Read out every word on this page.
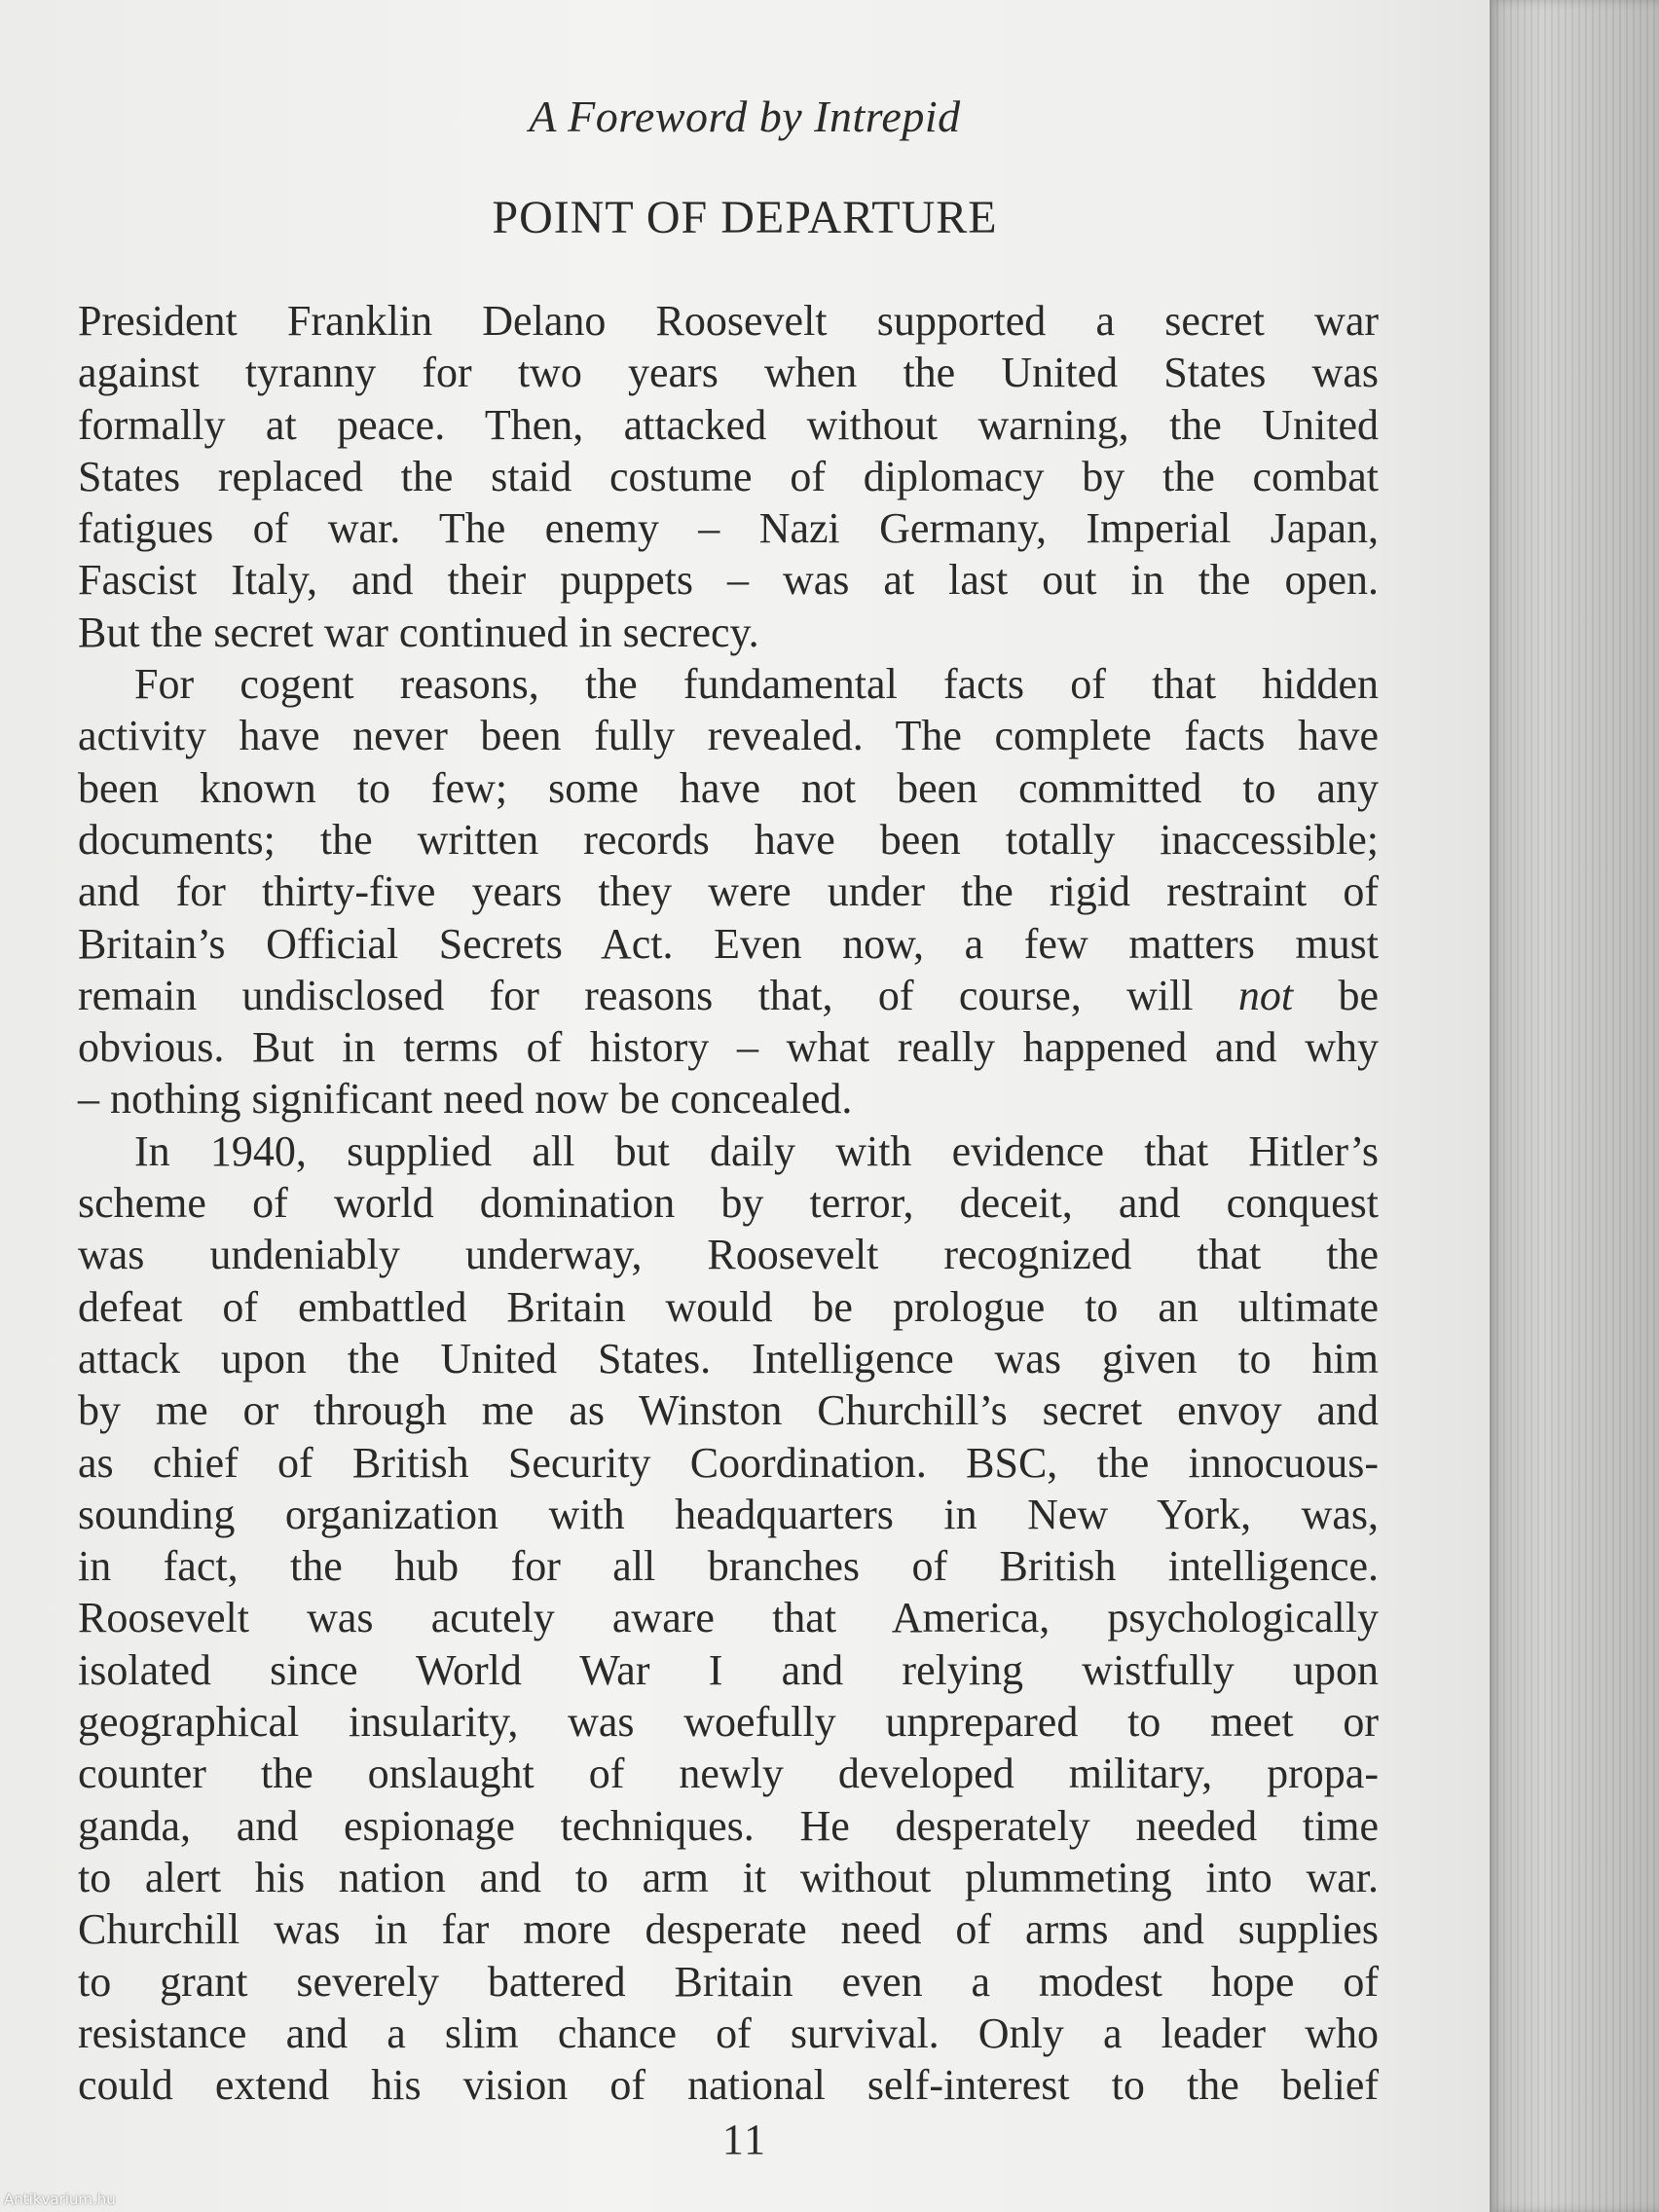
A Foreword by Intrepid

POINT OF DEPARTURE
President Franklin Delano Roosevelt supported a secret war
against tyranny for two years when the United States was
formally at peace. Then, attacked without warning, the United
States replaced the staid costume of diplomacy by the combat
fatigues of war. The enemy – Nazi Germany, Imperial Japan,
Fascist Italy, and their puppets – was at last out in the open.
But the secret war continued in secrecy.
For cogent reasons, the fundamental facts of that hidden
activity have never been fully revealed. The complete facts have
been known to few; some have not been committed to any
documents; the written records have been totally inaccessible;
and for thirty-five years they were under the rigid restraint of
Britain’s Official Secrets Act. Even now, a few matters must
remain undisclosed for reasons that, of course, will not be
obvious. But in terms of history – what really happened and why
– nothing significant need now be concealed.
In 1940, supplied all but daily with evidence that Hitler’s
scheme of world domination by terror, deceit, and conquest
was undeniably underway, Roosevelt recognized that the
defeat of embattled Britain would be prologue to an ultimate
attack upon the United States. Intelligence was given to him
by me or through me as Winston Churchill’s secret envoy and
as chief of British Security Coordination. BSC, the innocuous-
sounding organization with headquarters in New York, was,
in fact, the hub for all branches of British intelligence.
Roosevelt was acutely aware that America, psychologically
isolated since World War I and relying wistfully upon
geographical insularity, was woefully unprepared to meet or
counter the onslaught of newly developed military, propa-
ganda, and espionage techniques. He desperately needed time
to alert his nation and to arm it without plummeting into war.
Churchill was in far more desperate need of arms and supplies
to grant severely battered Britain even a modest hope of
resistance and a slim chance of survival. Only a leader who
could extend his vision of national self-interest to the belief
11
Antikvarium.hu
